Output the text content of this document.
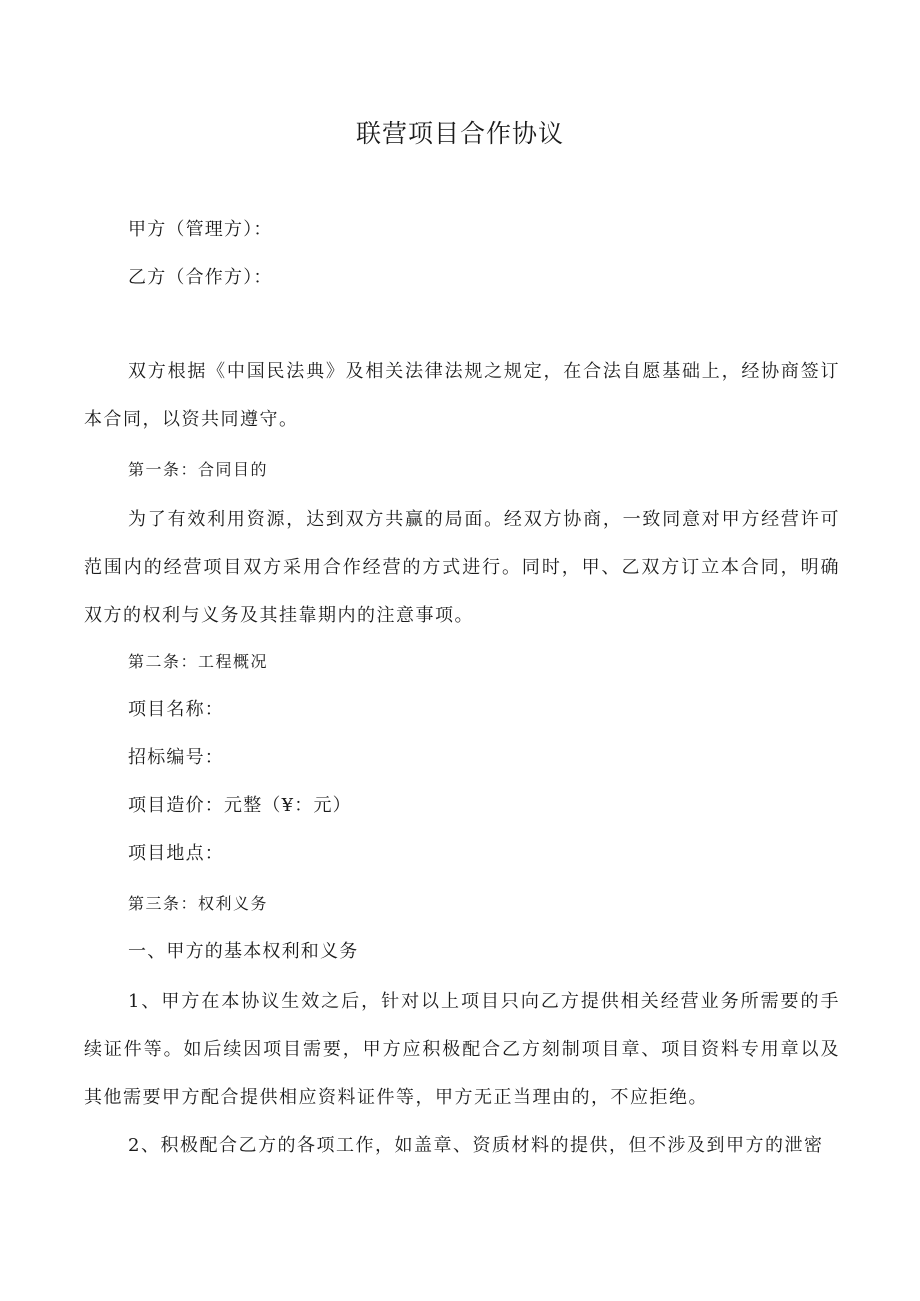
联营项目合作协议
甲方（管理方）：
乙方（合作方）：
双方根据《中国民法典》及相关法律法规之规定，在合法自愿基础上，经协商签订本合同，以资共同遵守。
第一条：合同目的
为了有效利用资源，达到双方共赢的局面。经双方协商，一致同意对甲方经营许可范围内的经营项目双方采用合作经营的方式进行。同时，甲、乙双方订立本合同，明确双方的权利与义务及其挂靠期内的注意事项。
第二条：工程概况
项目名称：
招标编号：
项目造价：元整（¥：元）
项目地点：
第三条：权利义务
一、甲方的基本权利和义务
1、甲方在本协议生效之后，针对以上项目只向乙方提供相关经营业务所需要的手续证件等。如后续因项目需要，甲方应积极配合乙方刻制项目章、项目资料专用章以及其他需要甲方配合提供相应资料证件等，甲方无正当理由的，不应拒绝。
2、积极配合乙方的各项工作，如盖章、资质材料的提供，但不涉及到甲方的泄密
